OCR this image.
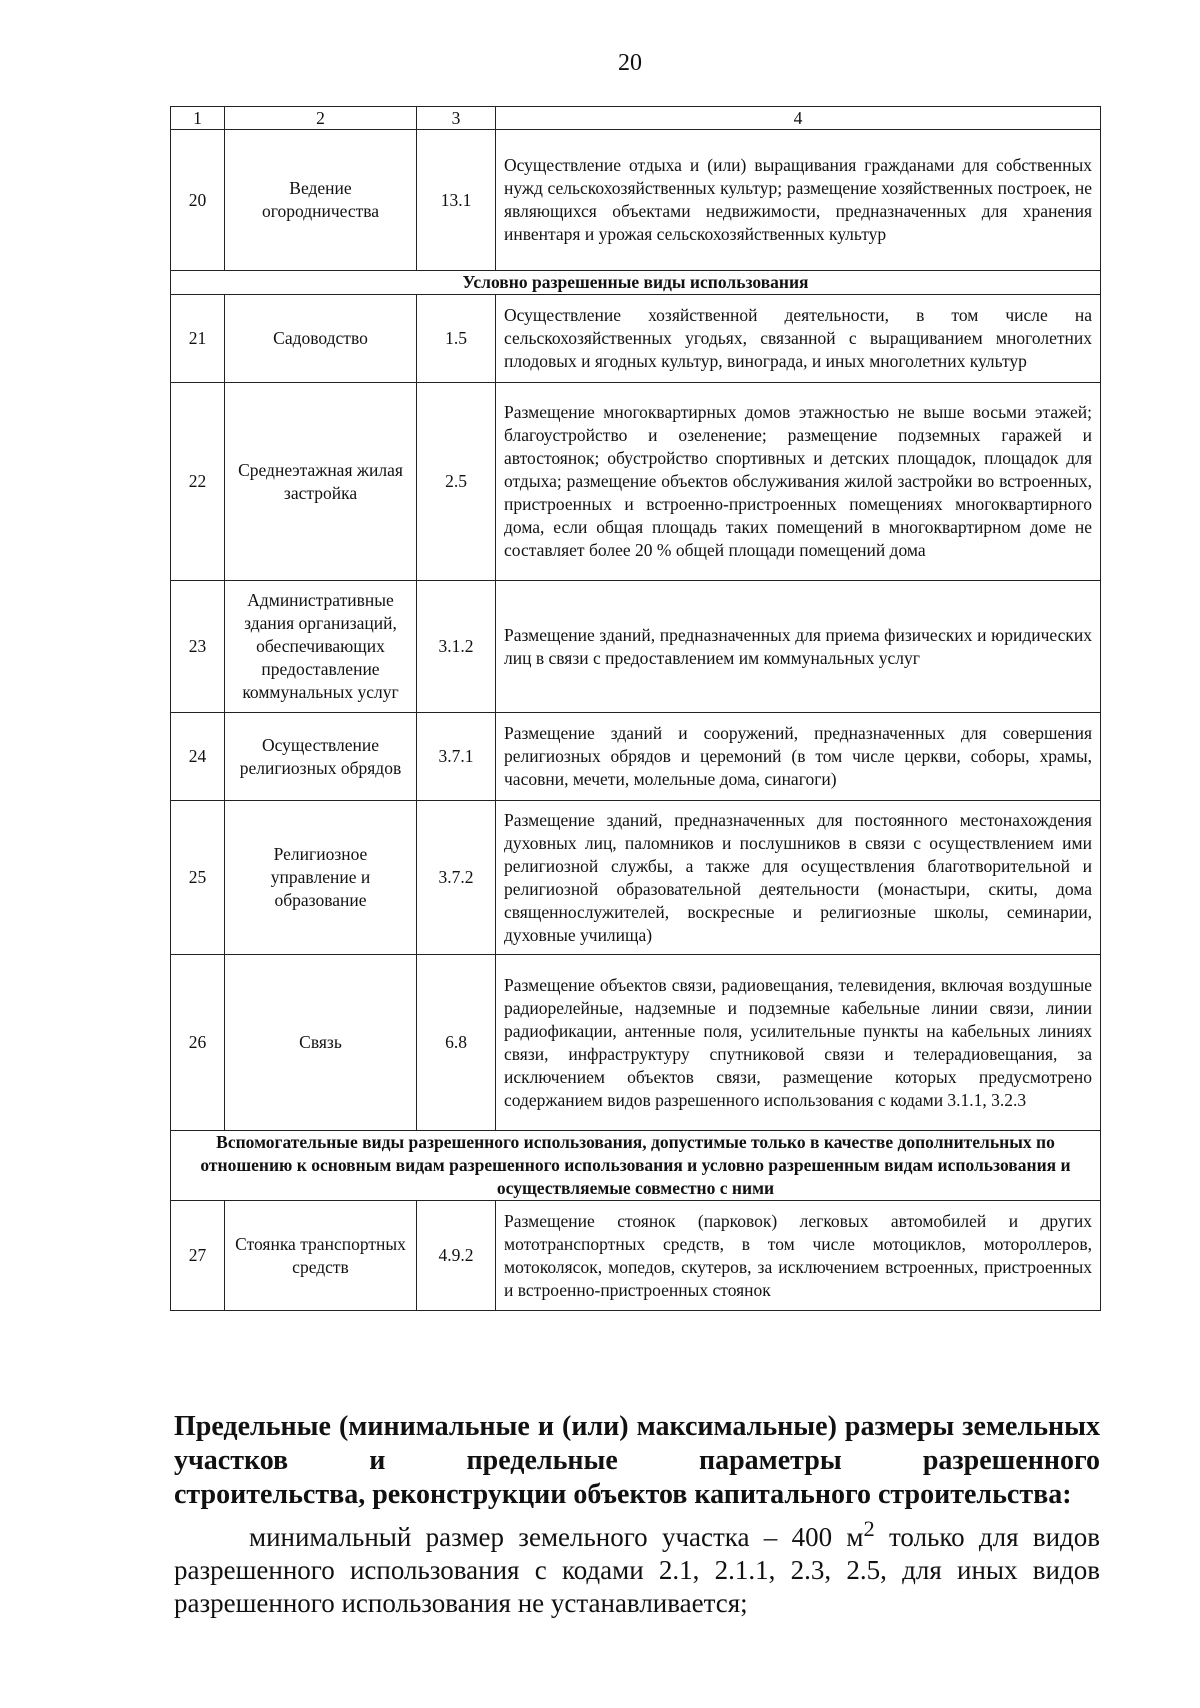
20
1	2	3	4
20	Ведение огородничества	13.1	Осуществление отдыха и (или) выращивания гражданами для собственных нужд сельскохозяйственных культур; размещение хозяйственных построек, не являющихся объектами недвижимости, предназначенных для хранения инвентаря и урожая сельскохозяйственных культур
Условно разрешенные виды использования			
21	Садоводство	1.5	Осуществление хозяйственной деятельности, в том числе на сельскохозяйственных угодьях, связанной с выращиванием многолетних плодовых и ягодных культур, винограда, и иных многолетних культур
22	Среднеэтажная жилая застройка	2.5	Размещение многоквартирных домов этажностью не выше восьми этажей; благоустройство и озеленение; размещение подземных гаражей и автостоянок; обустройство спортивных и детских площадок, площадок для отдыха; размещение объектов обслуживания жилой застройки во встроенных, пристроенных и встроенно-пристроенных помещениях многоквартирного дома, если общая площадь таких помещений в многоквартирном доме не составляет более 20 % общей площади помещений дома
23	Административные здания организаций, обеспечивающих предоставление коммунальных услуг	3.1.2	Размещение зданий, предназначенных для приема физических и юридических лиц в связи с предоставлением им коммунальных услуг
24	Осуществление религиозных обрядов	3.7.1	Размещение зданий и сооружений, предназначенных для совершения религиозных обрядов и церемоний (в том числе церкви, соборы, храмы, часовни, мечети, молельные дома, синагоги)
25	Религиозное управление и образование	3.7.2	Размещение зданий, предназначенных для постоянного местонахождения духовных лиц, паломников и послушников в связи с осуществлением ими религиозной службы, а также для осуществления благотворительной и религиозной образовательной деятельности (монастыри, скиты, дома священнослужителей, воскресные и религиозные школы, семинарии, духовные училища)
26	Связь	6.8	Размещение объектов связи, радиовещания, телевидения, включая воздушные радиорелейные, надземные и подземные кабельные линии связи, линии радиофикации, антенные поля, усилительные пункты на кабельных линиях связи, инфраструктуру спутниковой связи и телерадиовещания, за исключением объектов связи, размещение которых предусмотрено содержанием видов разрешенного использования с кодами 3.1.1, 3.2.3
Вспомогательные виды разрешенного использования, допустимые только в качестве дополнительных по отношению к основным видам разрешенного использования и условно разрешенным видам использования и осуществляемые совместно с ними			
27	Стоянка транспортных средств	4.9.2	Размещение стоянок (парковок) легковых автомобилей и других мототранспортных средств, в том числе мотоциклов, мотороллеров, мотоколясок, мопедов, скутеров, за исключением встроенных, пристроенных и встроенно-пристроенных стоянок

Предельные (минимальные и (или) максимальные) размеры земельных участков и предельные параметры разрешенного
строительства, реконструкции объектов капитального строительства:

минимальный размер земельного участка – 400 $м^2$ только для видов разрешенного использования с кодами 2.1, 2.1.1, 2.3, 2.5, для иных видов разрешенного использования не устанавливается;
